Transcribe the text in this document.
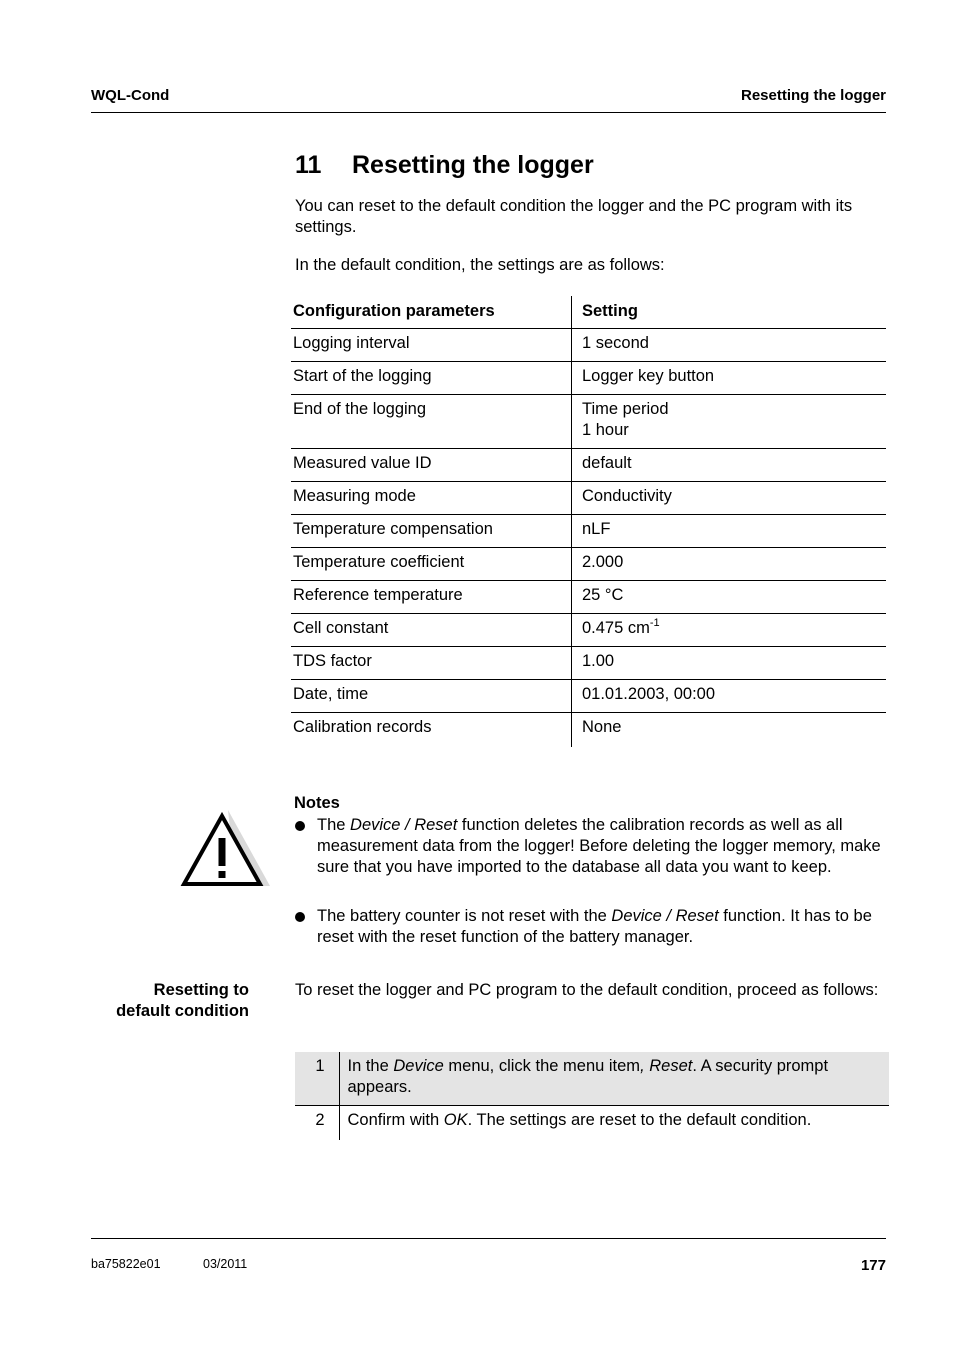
WQL-Cond	Resetting the logger
11 Resetting the logger
You can reset to the default condition the logger and the PC program with its settings.
In the default condition, the settings are as follows:
Configuration parameters	Setting
Logging interval	1 second
Start of the logging	Logger key button
End of the logging	Time period
1 hour

Measured value ID	default
Measuring mode	Conductivity
Temperature compensation	nLF
Temperature coefficient	2.000
Reference temperature	25 °C
Cell constant	0.475 $cm^{-1}$
TDS factor	1.00
Date, time	01.01.2003, 00:00
Calibration records	None
Notes
The Device / Reset function deletes the calibration records as well as all measurement data from the logger! Before deleting the logger memory, make sure that you have imported to the database all data you want to keep.
The battery counter is not reset with the Device / Reset function. It has to be reset with the reset function of the battery manager.
Resetting to
default condition
To reset the logger and PC program to the default condition, proceed as follows:
1	In the Device menu, click the menu item, Reset. A security prompt appears.
2	Confirm with OK. The settings are reset to the default condition.
ba75822e01	03/2011	177
